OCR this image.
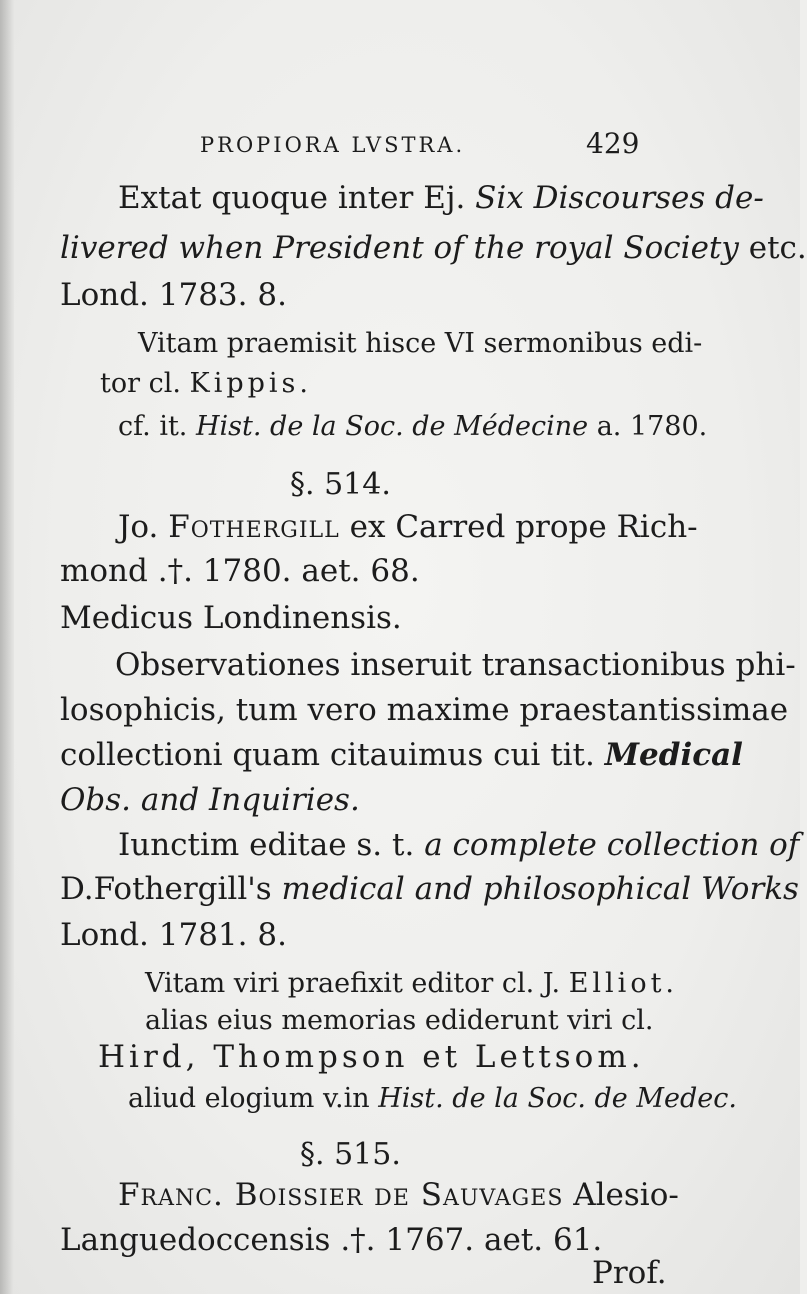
PROPIORA LVSTRA.	429
Extat quoque inter Ej. Six Discourses de-
livered when President of the royal Society etc.
Lond. 1783. 8.
Vitam praemisit hisce VI sermonibus edi-
tor cl. Kippis.
cf. it. Hist. de la Soc. de Médecine a. 1780.
§. 514.
Jo. Fothergill ex Carred prope Rich-
mond .†. 1780. aet. 68.
Medicus Londinensis.
Observationes inseruit transactionibus phi-
losophicis, tum vero maxime praestantissimae
collectioni quam citauimus cui tit. Medical
Obs. and Inquiries.
Iunctim editae s. t. a complete collection of
D.Fothergill's medical and philosophical Works
Lond. 1781. 8.
Vitam viri praefixit editor cl. J. Elliot.
alias eius memorias ediderunt viri cl.
Hird, Thompson et Lettsom.
aliud elogium v.in Hist. de la Soc. de Medec.
§. 515.
Franc. Boissier de Sauvages Alesio-
Languedoccensis .†. 1767. aet. 61.
Prof.
